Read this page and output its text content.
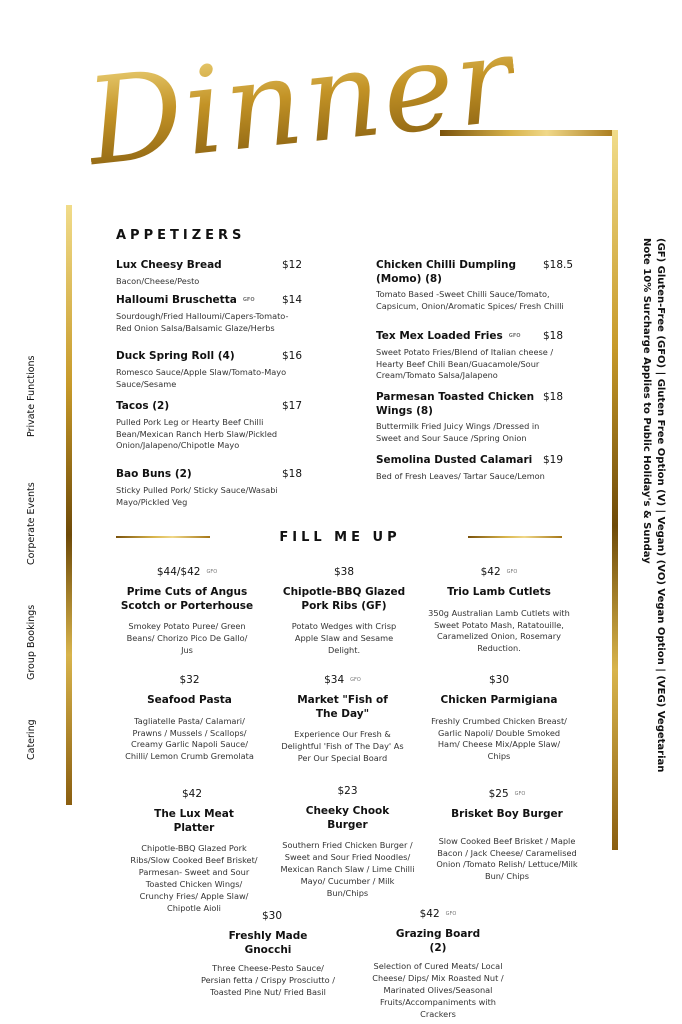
Dinner
Private Functions
Corperate Events
Group Bookings
Catering	(GF) Gluten-Free (GFO) | Gluten Free Option (V) | Vegan) (VO) Vegan Option | (VEG) Vegetarian
Note 10% Surcharge Applies to Public Holiday's & Sunday
APPETIZERS
Lux Cheesy Bread
Bacon/Cheese/Pesto
$12
Halloumi Bruschetta GFO
Sourdough/Fried Halloumi/Capers-Tomato-Red Onion Salsa/Balsamic Glaze/Herbs
$14
Duck Spring Roll (4)
Romesco Sauce/Apple Slaw/Tomato-Mayo Sauce/Sesame
$16
Tacos (2)
Pulled Pork Leg or Hearty Beef Chilli Bean/Mexican Ranch Herb Slaw/Pickled Onion/Jalapeno/Chipotle Mayo
$17
Bao Buns (2)
Sticky Pulled Pork/ Sticky Sauce/Wasabi Mayo/Pickled Veg
$18
Chicken Chilli Dumpling (Momo) (8)
Tomato Based -Sweet Chilli Sauce/Tomato, Capsicum, Onion/Aromatic Spices/ Fresh Chilli
$18.5
Tex Mex Loaded Fries GFO
Sweet Potato Fries/Blend of Italian cheese / Hearty Beef Chili Bean/Guacamole/Sour Cream/Tomato Salsa/Jalapeno
$18
Parmesan Toasted Chicken Wings (8)
Buttermilk Fried Juicy Wings /Dressed in Sweet and Sour Sauce /Spring Onion
$18
Semolina Dusted Calamari
Bed of Fresh Leaves/ Tartar Sauce/Lemon
$19
FILL ME UP
$44/$42 GFO
Prime Cuts of Angus Scotch or Porterhouse
Smokey Potato Puree/ Green Beans/ Chorizo Pico De Gallo/ Jus
$38
Chipotle-BBQ Glazed Pork Ribs (GF)
Potato Wedges with Crisp Apple Slaw and Sesame Delight.
$42 GFO
Trio Lamb Cutlets
350g Australian Lamb Cutlets with Sweet Potato Mash, Ratatouille, Caramelized Onion, Rosemary Reduction.
$32
Seafood Pasta
Tagliatelle Pasta/ Calamari/ Prawns / Mussels / Scallops/ Creamy Garlic Napoli Sauce/ Chilli/ Lemon Crumb Gremolata
$34 GFO
Market "Fish of The Day"
Experience Our Fresh & Delightful 'Fish of The Day' As Per Our Special Board
$30
Chicken Parmigiana
Freshly Crumbed Chicken Breast/ Garlic Napoli/ Double Smoked Ham/ Cheese Mix/Apple Slaw/ Chips
$42
The Lux Meat Platter
Chipotle-BBQ Glazed Pork Ribs/Slow Cooked Beef Brisket/ Parmesan- Sweet and Sour Toasted Chicken Wings/ Crunchy Fries/ Apple Slaw/ Chipotle Aioli
$23
Cheeky Chook Burger
Southern Fried Chicken Burger / Sweet and Sour Fried Noodles/ Mexican Ranch Slaw / Lime Chilli Mayo/ Cucumber / Milk Bun/Chips
$25 GFO
Brisket Boy Burger
Slow Cooked Beef Brisket / Maple Bacon / Jack Cheese/ Caramelised Onion /Tomato Relish/ Lettuce/Milk Bun/ Chips
$30
Freshly Made Gnocchi
Three Cheese-Pesto Sauce/ Persian fetta / Crispy Prosciutto / Toasted Pine Nut/ Fried Basil
$42 GFO
Grazing Board (2)
Selection of Cured Meats/ Local Cheese/ Dips/ Mix Roasted Nut / Marinated Olives/Seasonal Fruits/Accompaniments with Crackers
